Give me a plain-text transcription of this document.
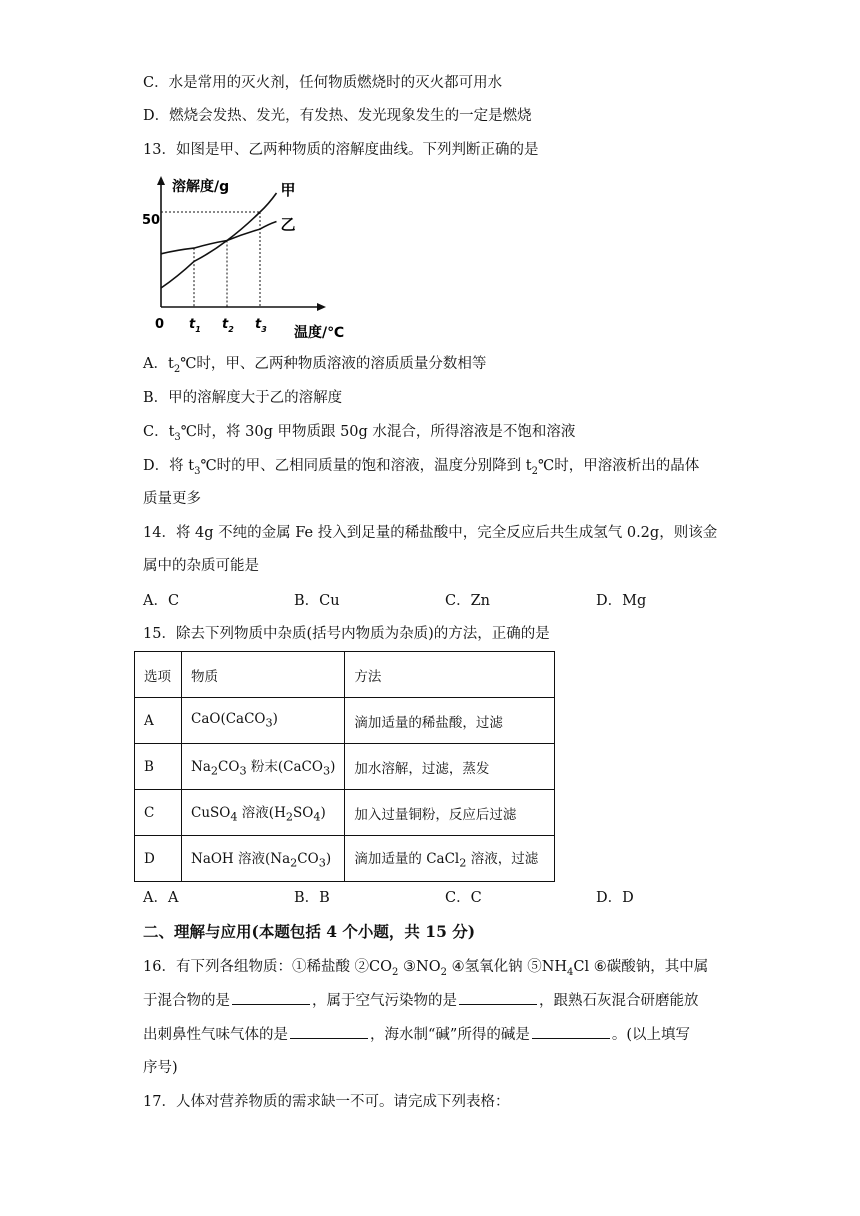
C．水是常用的灭火剂，任何物质燃烧时的灭火都可用水
D．燃烧会发热、发光，有发热、发光现象发生的一定是燃烧
13．如图是甲、乙两种物质的溶解度曲线。下列判断正确的是
溶解度/g
温度/℃
0
50
$t_1$ $t_2$ $t_3$
甲
乙
A．$t_2℃$时，甲、乙两种物质溶液的溶质质量分数相等
B．甲的溶解度大于乙的溶解度
C．$t_3℃$时，将 30g 甲物质跟 50g 水混合，所得溶液是不饱和溶液
D．将 $t_3℃$时的甲、乙相同质量的饱和溶液，温度分别降到 $t_2℃$时，甲溶液析出的晶体
质量更多
14．将 4g 不纯的金属 Fe 投入到足量的稀盐酸中，完全反应后共生成氢气 0.2g，则该金
属中的杂质可能是
A．C	B．Cu	C．Zn	D．Mg
15．除去下列物质中杂质(括号内物质为杂质)的方法，正确的是
选项	物质	方法
A	CaO(CaCO$_3$)	滴加适量的稀盐酸，过滤
B	$Na_2CO_3$ 粉末(CaCO$_3$)	加水溶解，过滤，蒸发
C	CuSO$_4$ 溶液$(H_2SO_4)$	加入过量铜粉，反应后过滤
D	NaOH 溶液$(Na_2CO_3)$	滴加适量的 CaCl$_2$ 溶液，过滤
A．A	B．B	C．C	D．D
二、理解与应用(本题包括 4 个小题，共 15 分)
16．有下列各组物质：①稀盐酸 $②CO_2$ $③NO_2$ ④氢氧化钠 $⑤NH_4Cl$ ⑥碳酸钠，其中属
于混合物的是	，属于空气污染物的是	，跟熟石灰混合研磨能放
出刺鼻性气味气体的是	，海水制“碱”所得的碱是	。(以上填写
序号)
17．人体对营养物质的需求缺一不可。请完成下列表格：
